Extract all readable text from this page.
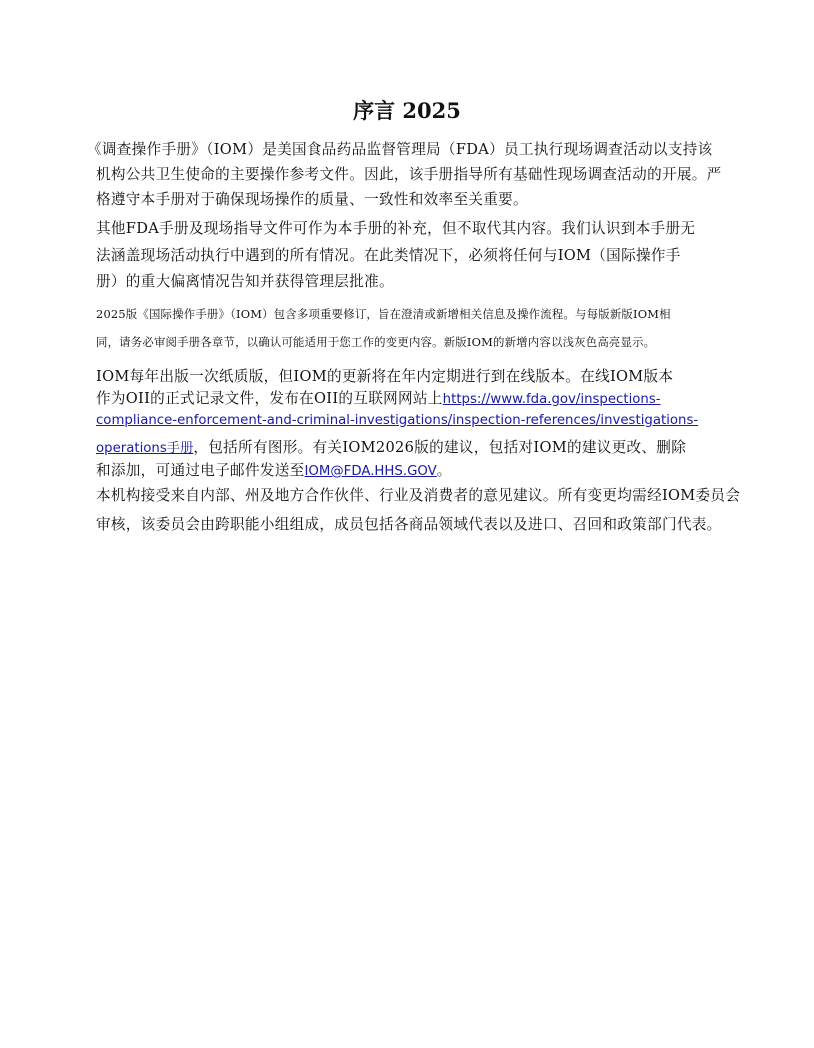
序言 2025
《调查操作手册》（IOM）是美国食品药品监督管理局（FDA）员工执行现场调查活动以支持该
机构公共卫生使命的主要操作参考文件。因此，该手册指导所有基础性现场调查活动的开展。严
格遵守本手册对于确保现场操作的质量、一致性和效率至关重要。
其他FDA手册及现场指导文件可作为本手册的补充，但不取代其内容。我们认识到本手册无
法涵盖现场活动执行中遇到的所有情况。在此类情况下，必须将任何与IOM（国际操作手
册）的重大偏离情况告知并获得管理层批准。
2025版《国际操作手册》（IOM）包含多项重要修订，旨在澄清或新增相关信息及操作流程。与每版新版IOM相
同，请务必审阅手册各章节，以确认可能适用于您工作的变更内容。新版IOM的新增内容以浅灰色高亮显示。
IOM每年出版一次纸质版，但IOM的更新将在年内定期进行到在线版本。在线IOM版本
作为OII的正式记录文件，发布在OII的互联网网站上https://www.fda.gov/inspections-
compliance-enforcement-and-criminal-investigations/inspection-references/investigations-
operations手册，包括所有图形。有关IOM2026版的建议，包括对IOM的建议更改、删除
和添加，可通过电子邮件发送至IOM@FDA.HHS.GOV。
本机构接受来自内部、州及地方合作伙伴、行业及消费者的意见建议。所有变更均需经IOM委员会
审核，该委员会由跨职能小组组成，成员包括各商品领域代表以及进口、召回和政策部门代表。
